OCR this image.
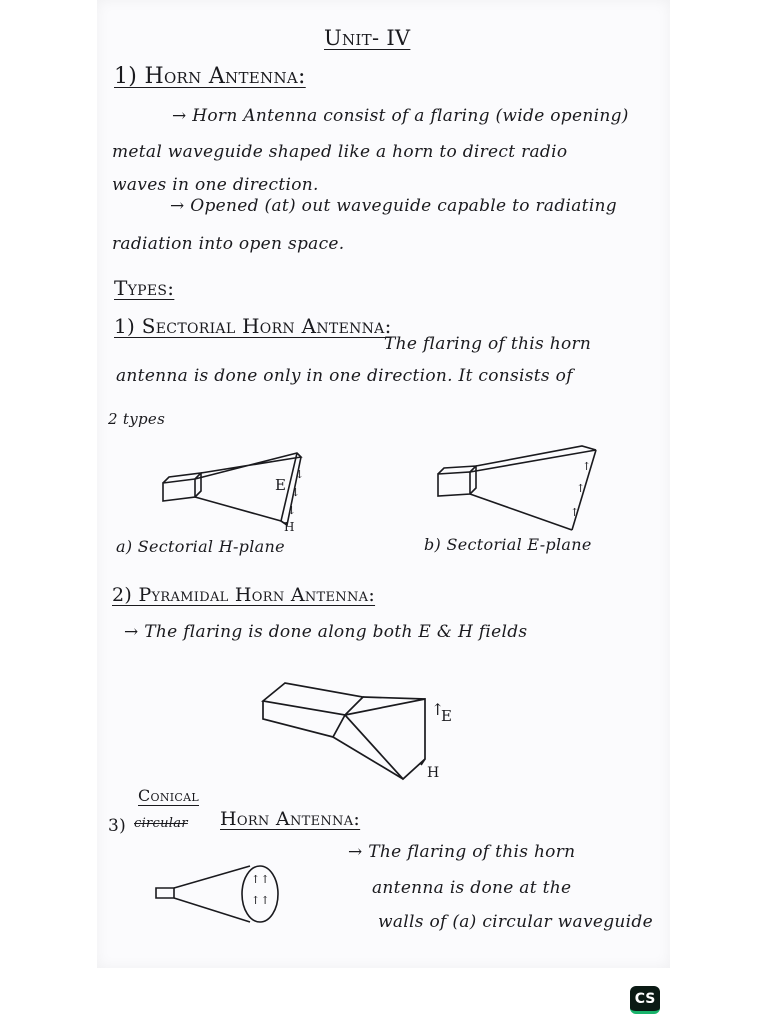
Unit- IV
1) Horn Antenna:
→ Horn Antenna consist of a flaring (wide opening)
metal waveguide shaped like a horn to direct radio
waves in one direction.
→ Opened (at) out waveguide capable to radiating
radiation into open space.
Types:
1) Sectorial Horn Antenna:
The flaring of this horn
antenna is done only in one direction. It consists of
2 types
E
H
↓
↓
↓
↑
↑
↑
a) Sectorial H-plane	b) Sectorial E-plane
2) Pyramidal Horn Antenna:
→ The flaring is done along both E & H fields
↑
E
H
Conical
3) circular Horn Antenna:
→ The flaring of this horn
antenna is done at the
walls of (a) circular waveguide
↑↑
↑↑
CS
